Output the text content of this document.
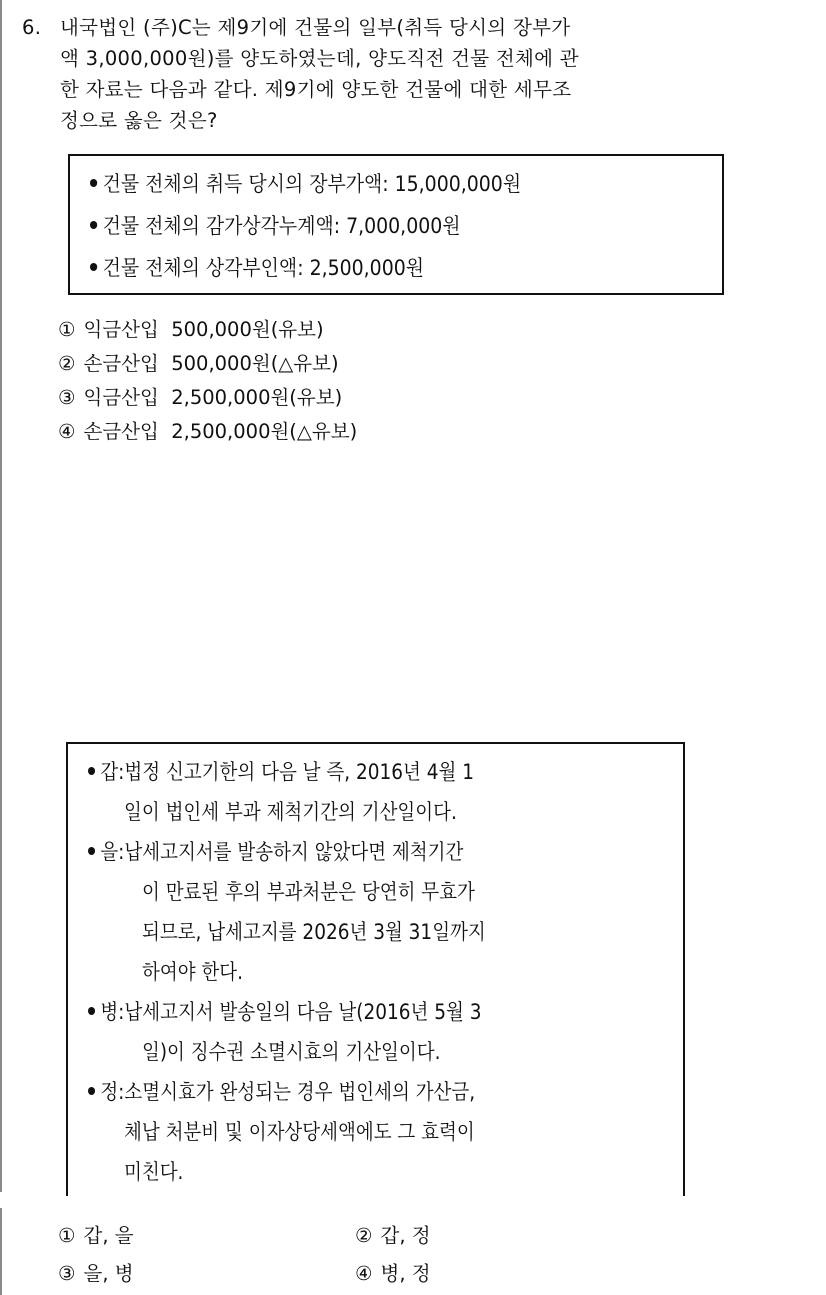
6. 내국법인 (주)C는 제9기에 건물의 일부(취득 당시의 장부가
액 3,000,000원)를 양도하였는데, 양도직전 건물 전체에 관
한 자료는 다음과 같다. 제9기에 양도한 건물에 대한 세무조
정으로 옳은 것은?
건물 전체의 취득 당시의 장부가액: 15,000,000원
건물 전체의 감가상각누계액: 7,000,000원
건물 전체의 상각부인액: 2,500,000원
① 익금산입  500,000원(유보)
② 손금산입  500,000원(△유보)
③ 익금산입  2,500,000원(유보)
④ 손금산입  2,500,000원(△유보)
갑:법정 신고기한의 다음 날 즉, 2016년 4월 1
일이 법인세 부과 제척기간의 기산일이다.
을:납세고지서를 발송하지 않았다면 제척기간
이 만료된 후의 부과처분은 당연히 무효가
되므로, 납세고지를 2026년 3월 31일까지
하여야 한다.
병:납세고지서 발송일의 다음 날(2016년 5월 3
일)이 징수권 소멸시효의 기산일이다.
정:소멸시효가 완성되는 경우 법인세의 가산금,
체납 처분비 및 이자상당세액에도 그 효력이
미친다.
① 갑, 을	② 갑, 정
③ 을, 병	④ 병, 정
